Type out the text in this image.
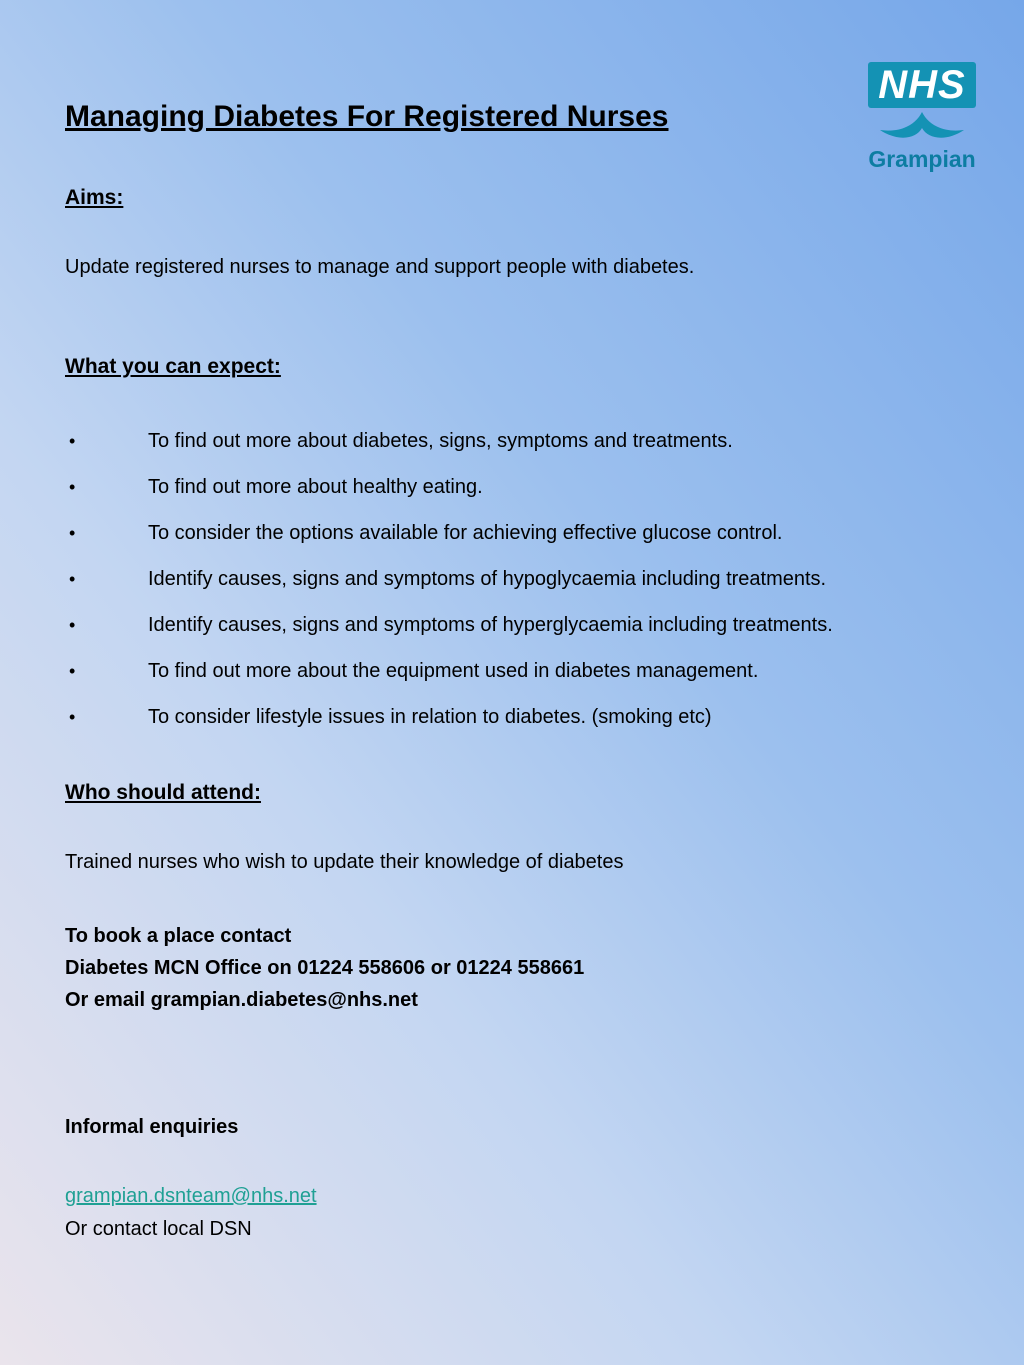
NHS
Grampian
Managing Diabetes For Registered Nurses
Aims:

Update registered nurses to manage and support people with diabetes.

What you can expect:
•	To find out more about diabetes, signs, symptoms and treatments.
•	To find out more about healthy eating.
•	To consider the options available for achieving effective glucose control.
•	Identify causes, signs and symptoms of hypoglycaemia including treatments.
•	Identify causes, signs and symptoms of hyperglycaemia including treatments.
•	To find out more about the equipment used in diabetes management.
•	To consider lifestyle issues in relation to diabetes. (smoking etc)
Who should attend:

Trained nurses who wish to update their knowledge of diabetes

To book a place contact
Diabetes MCN Office on 01224 558606 or 01224 558661
Or email grampian.diabetes@nhs.net

Informal enquiries

grampian.dsnteam@nhs.net

Or contact local DSN
